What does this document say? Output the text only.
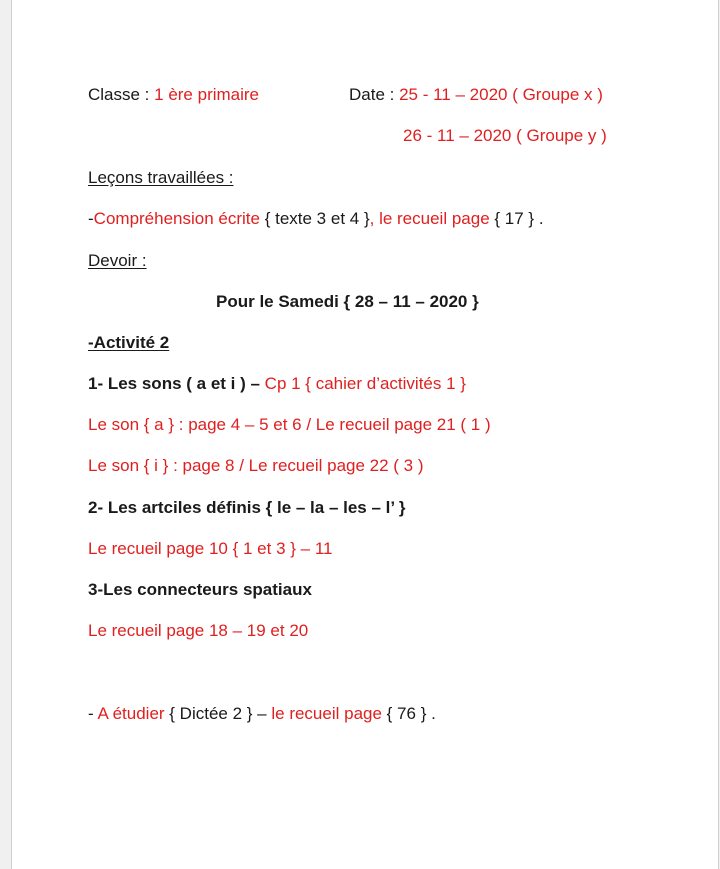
Classe : 1 ère primaire	Date : 25 - 11 – 2020 ( Groupe x )
26 - 11 – 2020 ( Groupe y )
Leçons travaillées :
-Compréhension écrite { texte 3 et 4 }, le recueil page { 17 } .
Devoir :
Pour le Samedi { 28 – 11 – 2020 }
-Activité 2
1- Les sons ( a et i ) – Cp 1 { cahier d’activités 1 }
Le son { a } : page 4 – 5 et 6 / Le recueil page 21 ( 1 )
Le son { i } : page 8 / Le recueil page 22 ( 3 )
2- Les artciles définis { le – la – les – l’ }
Le recueil page 10 { 1 et 3 } – 11
3-Les connecteurs spatiaux
Le recueil page 18 – 19 et 20
- A étudier { Dictée 2 } – le recueil page { 76 } .
